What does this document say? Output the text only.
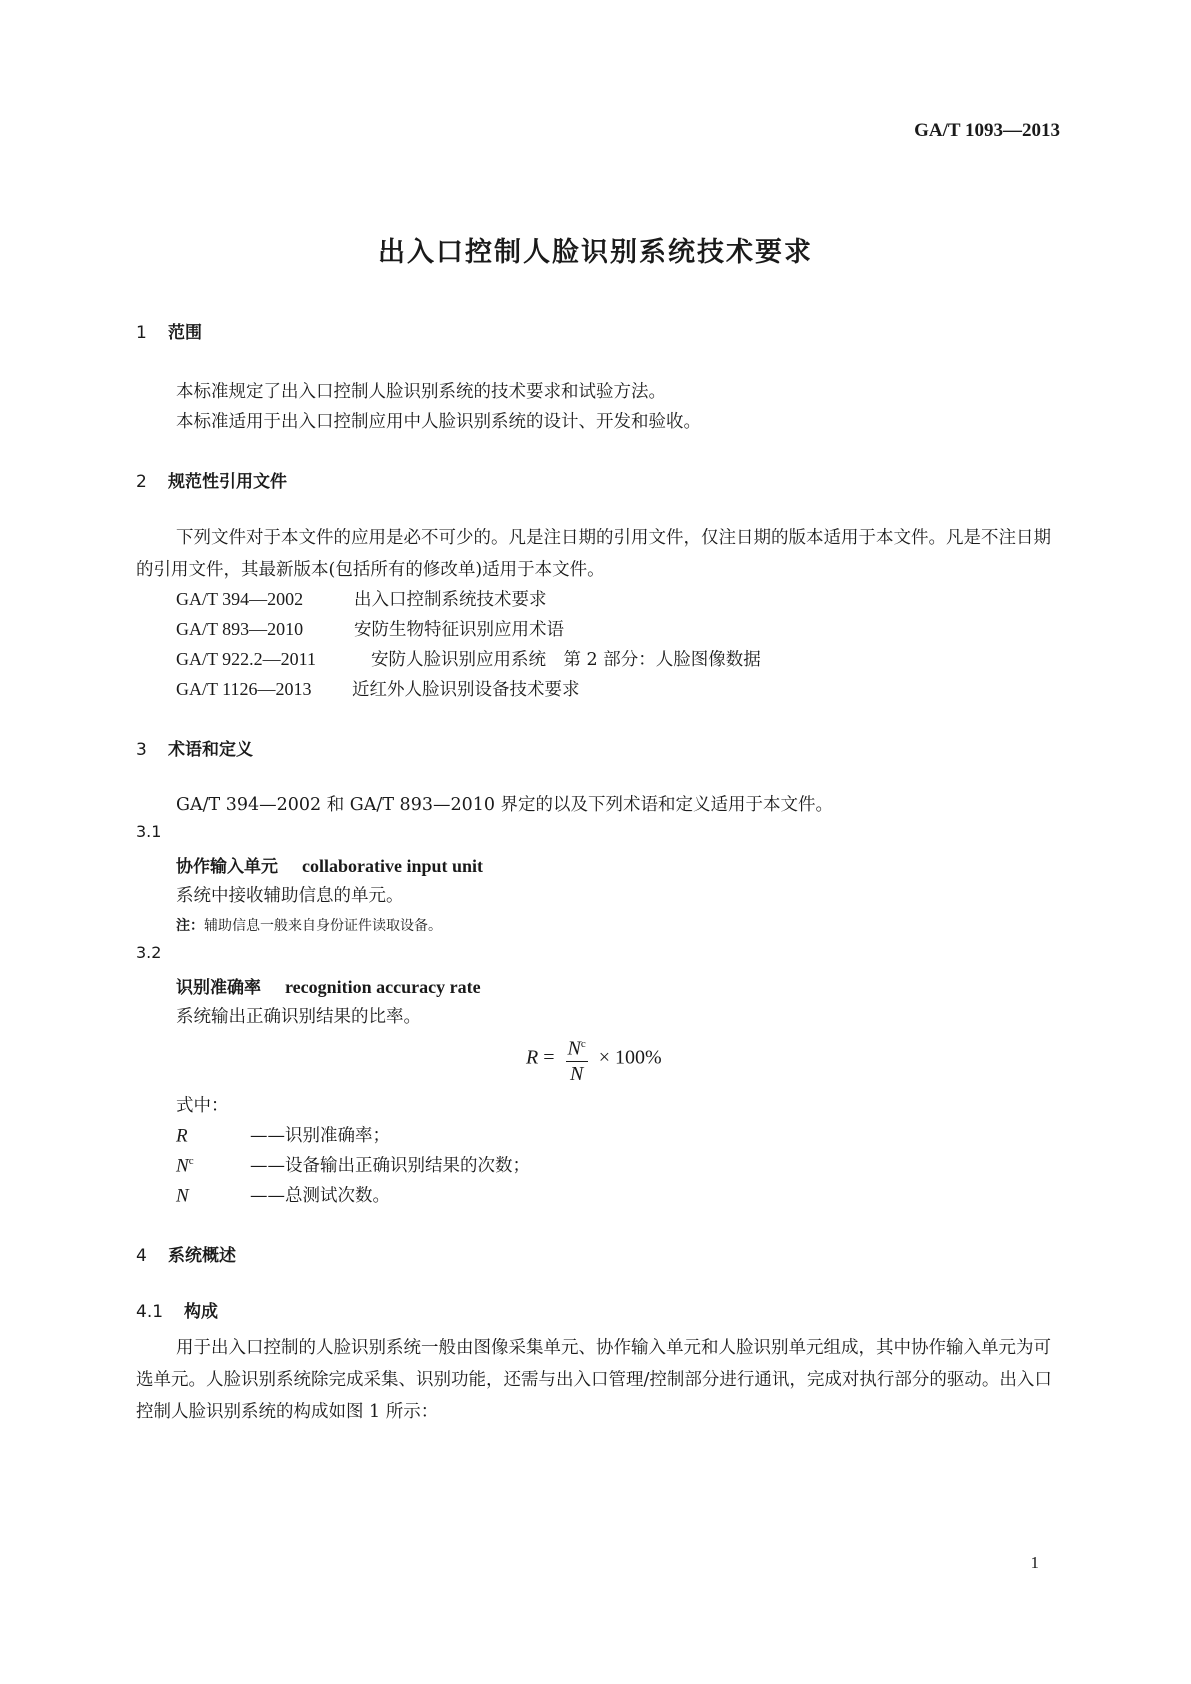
GA/T 1093—2013
出入口控制人脸识别系统技术要求
1 范围
本标准规定了出入口控制人脸识别系统的技术要求和试验方法。
本标准适用于出入口控制应用中人脸识别系统的设计、开发和验收。
2 规范性引用文件
下列文件对于本文件的应用是必不可少的。凡是注日期的引用文件，仅注日期的版本适用于本文件。凡是不注日期的引用文件，其最新版本(包括所有的修改单)适用于本文件。
GA/T 394—2002	出入口控制系统技术要求
GA/T 893—2010	安防生物特征识别应用术语
GA/T 922.2—2011	安防人脸识别应用系统　第 2 部分：人脸图像数据
GA/T 1126—2013 近红外人脸识别设备技术要求
3 术语和定义
GA/T 394—2002 和 GA/T 893—2010 界定的以及下列术语和定义适用于本文件。
3.1
协作输入单元 collaborative input unit
系统中接收辅助信息的单元。
注：辅助信息一般来自身份证件读取设备。
3.2
识别准确率 recognition accuracy rate
系统输出正确识别结果的比率。
$R = \frac{N^c}{N} \times 100\%$
式中：
R	——识别准确率；
$N^c$	——设备输出正确识别结果的次数；
N	——总测试次数。
4 系统概述
4.1 构成
用于出入口控制的人脸识别系统一般由图像采集单元、协作输入单元和人脸识别单元组成，其中协作输入单元为可选单元。人脸识别系统除完成采集、识别功能，还需与出入口管理/控制部分进行通讯，完成对执行部分的驱动。出入口控制人脸识别系统的构成如图 1 所示：
1
